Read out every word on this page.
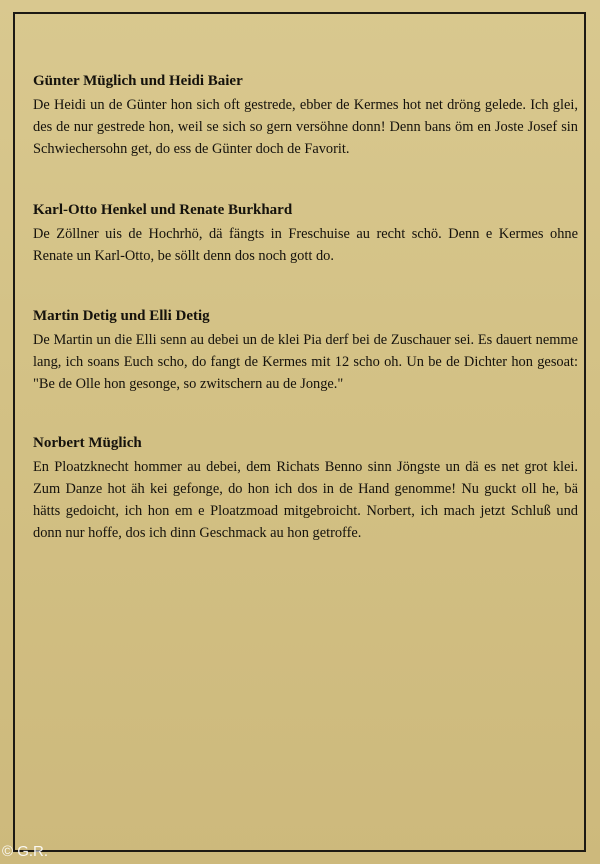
Günter Müglich und Heidi Baier

De Heidi un de Günter hon sich oft gestrede, ebber de Kermes hot net dröng gelede. Ich glei, des de nur gestrede hon, weil se sich so gern versöhne donn! Denn bans öm en Joste Josef sin Schwiechersohn get, do ess de Günter doch de Favorit.

Karl-Otto Henkel und Renate Burkhard

De Zöllner uis de Hochrhö, dä fängts in Freschuise au recht schö. Denn e Kermes ohne Renate un Karl-Otto, be söllt denn dos noch gott do.

Martin Detig und Elli Detig

De Martin un die Elli senn au debei un de klei Pia derf bei de Zuschauer sei. Es dauert nemme lang, ich soans Euch scho, do fangt de Kermes mit 12 scho oh. Un be de Dichter hon gesoat: "Be de Olle hon gesonge, so zwitschern au de Jonge."

Norbert Müglich

En Ploatzknecht hommer au debei, dem Richats Benno sinn Jöngste un dä es net grot klei. Zum Danze hot äh kei gefonge, do hon ich dos in de Hand genomme! Nu guckt oll he, bä hätts gedoicht, ich hon em e Ploatzmoad mitgebroicht. Norbert, ich mach jetzt Schluß und donn nur hoffe, dos ich dinn Geschmack au hon getroffe.

© G.R.
